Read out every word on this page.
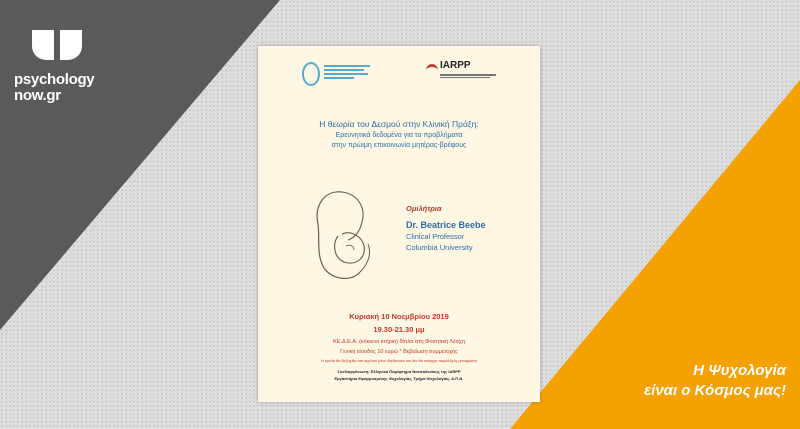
psychology
now.gr
Η Ψυχολογία
είναι ο Κόσμος μας!
IARPP
Η θεωρία του Δεσμού στην Κλινική Πράξη:
Ερευνητικά δεδομένα για τα προβλήματα
στην πρώιμη επικοινωνία μητέρας-βρέφους
Ομιλήτρια
Dr. Beatrice Beebe
Clinical Professor
Columbia University
Κυριακή 10 Νοεμβρίου 2019
19.30-21.30 μμ
ΚΕ.Δ.Ε.Α. (κόκκινο κτήριο) δίπλα στη Φοιτητική Λέσχη
Γενική είσοδος 10 ευρώ * Βεβαίωση συμμετοχής
Η ομιλία θα διεξαχθεί στα αγγλικά μόνο διαδικτύου και δεν θα υπάρχει παράλληλη μετάφραση
Συνδιοργάνωση: Ελληνικό Παράρτημα Θεσσαλονίκης της IARPP
Εργαστήριο Εφαρμοσμένης Ψυχολογίας, Τμήμα Ψυχολογίας, Α.Π.Θ.
